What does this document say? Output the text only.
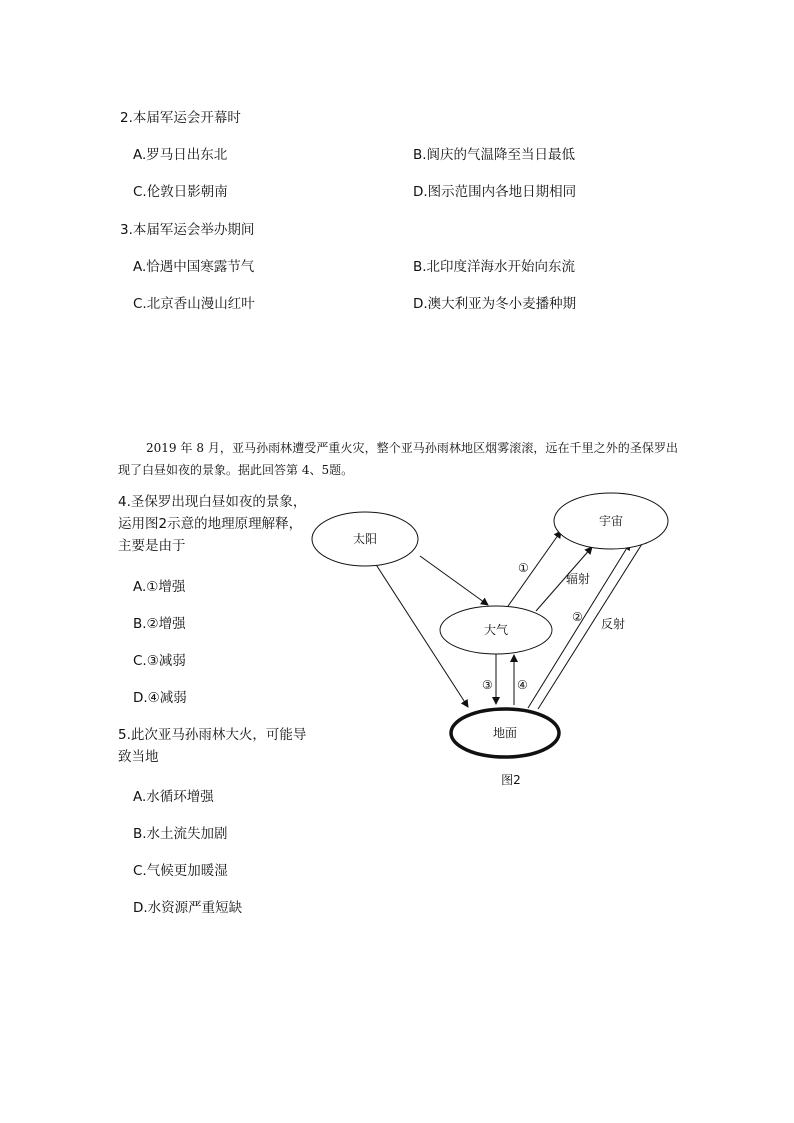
2.本届军运会开幕时

A.罗马日出东北	B.阆庆的气温降至当日最低

C.伦敦日影朝南	D.图示范围内各地日期相同

3.本届军运会举办期间

A.恰遇中国寒露节气	B.北印度洋海水开始向东流

C.北京香山漫山红叶	D.澳大利亚为冬小麦播种期

2019 年 8 月，亚马孙雨林遭受严重火灾，整个亚马孙雨林地区烟雾滚滚，远在千里之外的圣保罗出现了白昼如夜的景象。据此回答第 4、5题。

4.圣保罗出现白昼如夜的景象，运用图2示意的地理原理解释，主要是由于

A.①增强

B.②增强

C.③减弱

D.④减弱

5.此次亚马孙雨林大火，可能导致当地

A.水循环增强

B.水土流失加剧

C.气候更加暖湿

D.水资源严重短缺

太阳
宇宙
大气
地面
①
辐射
② 反射
③ ④
图2
